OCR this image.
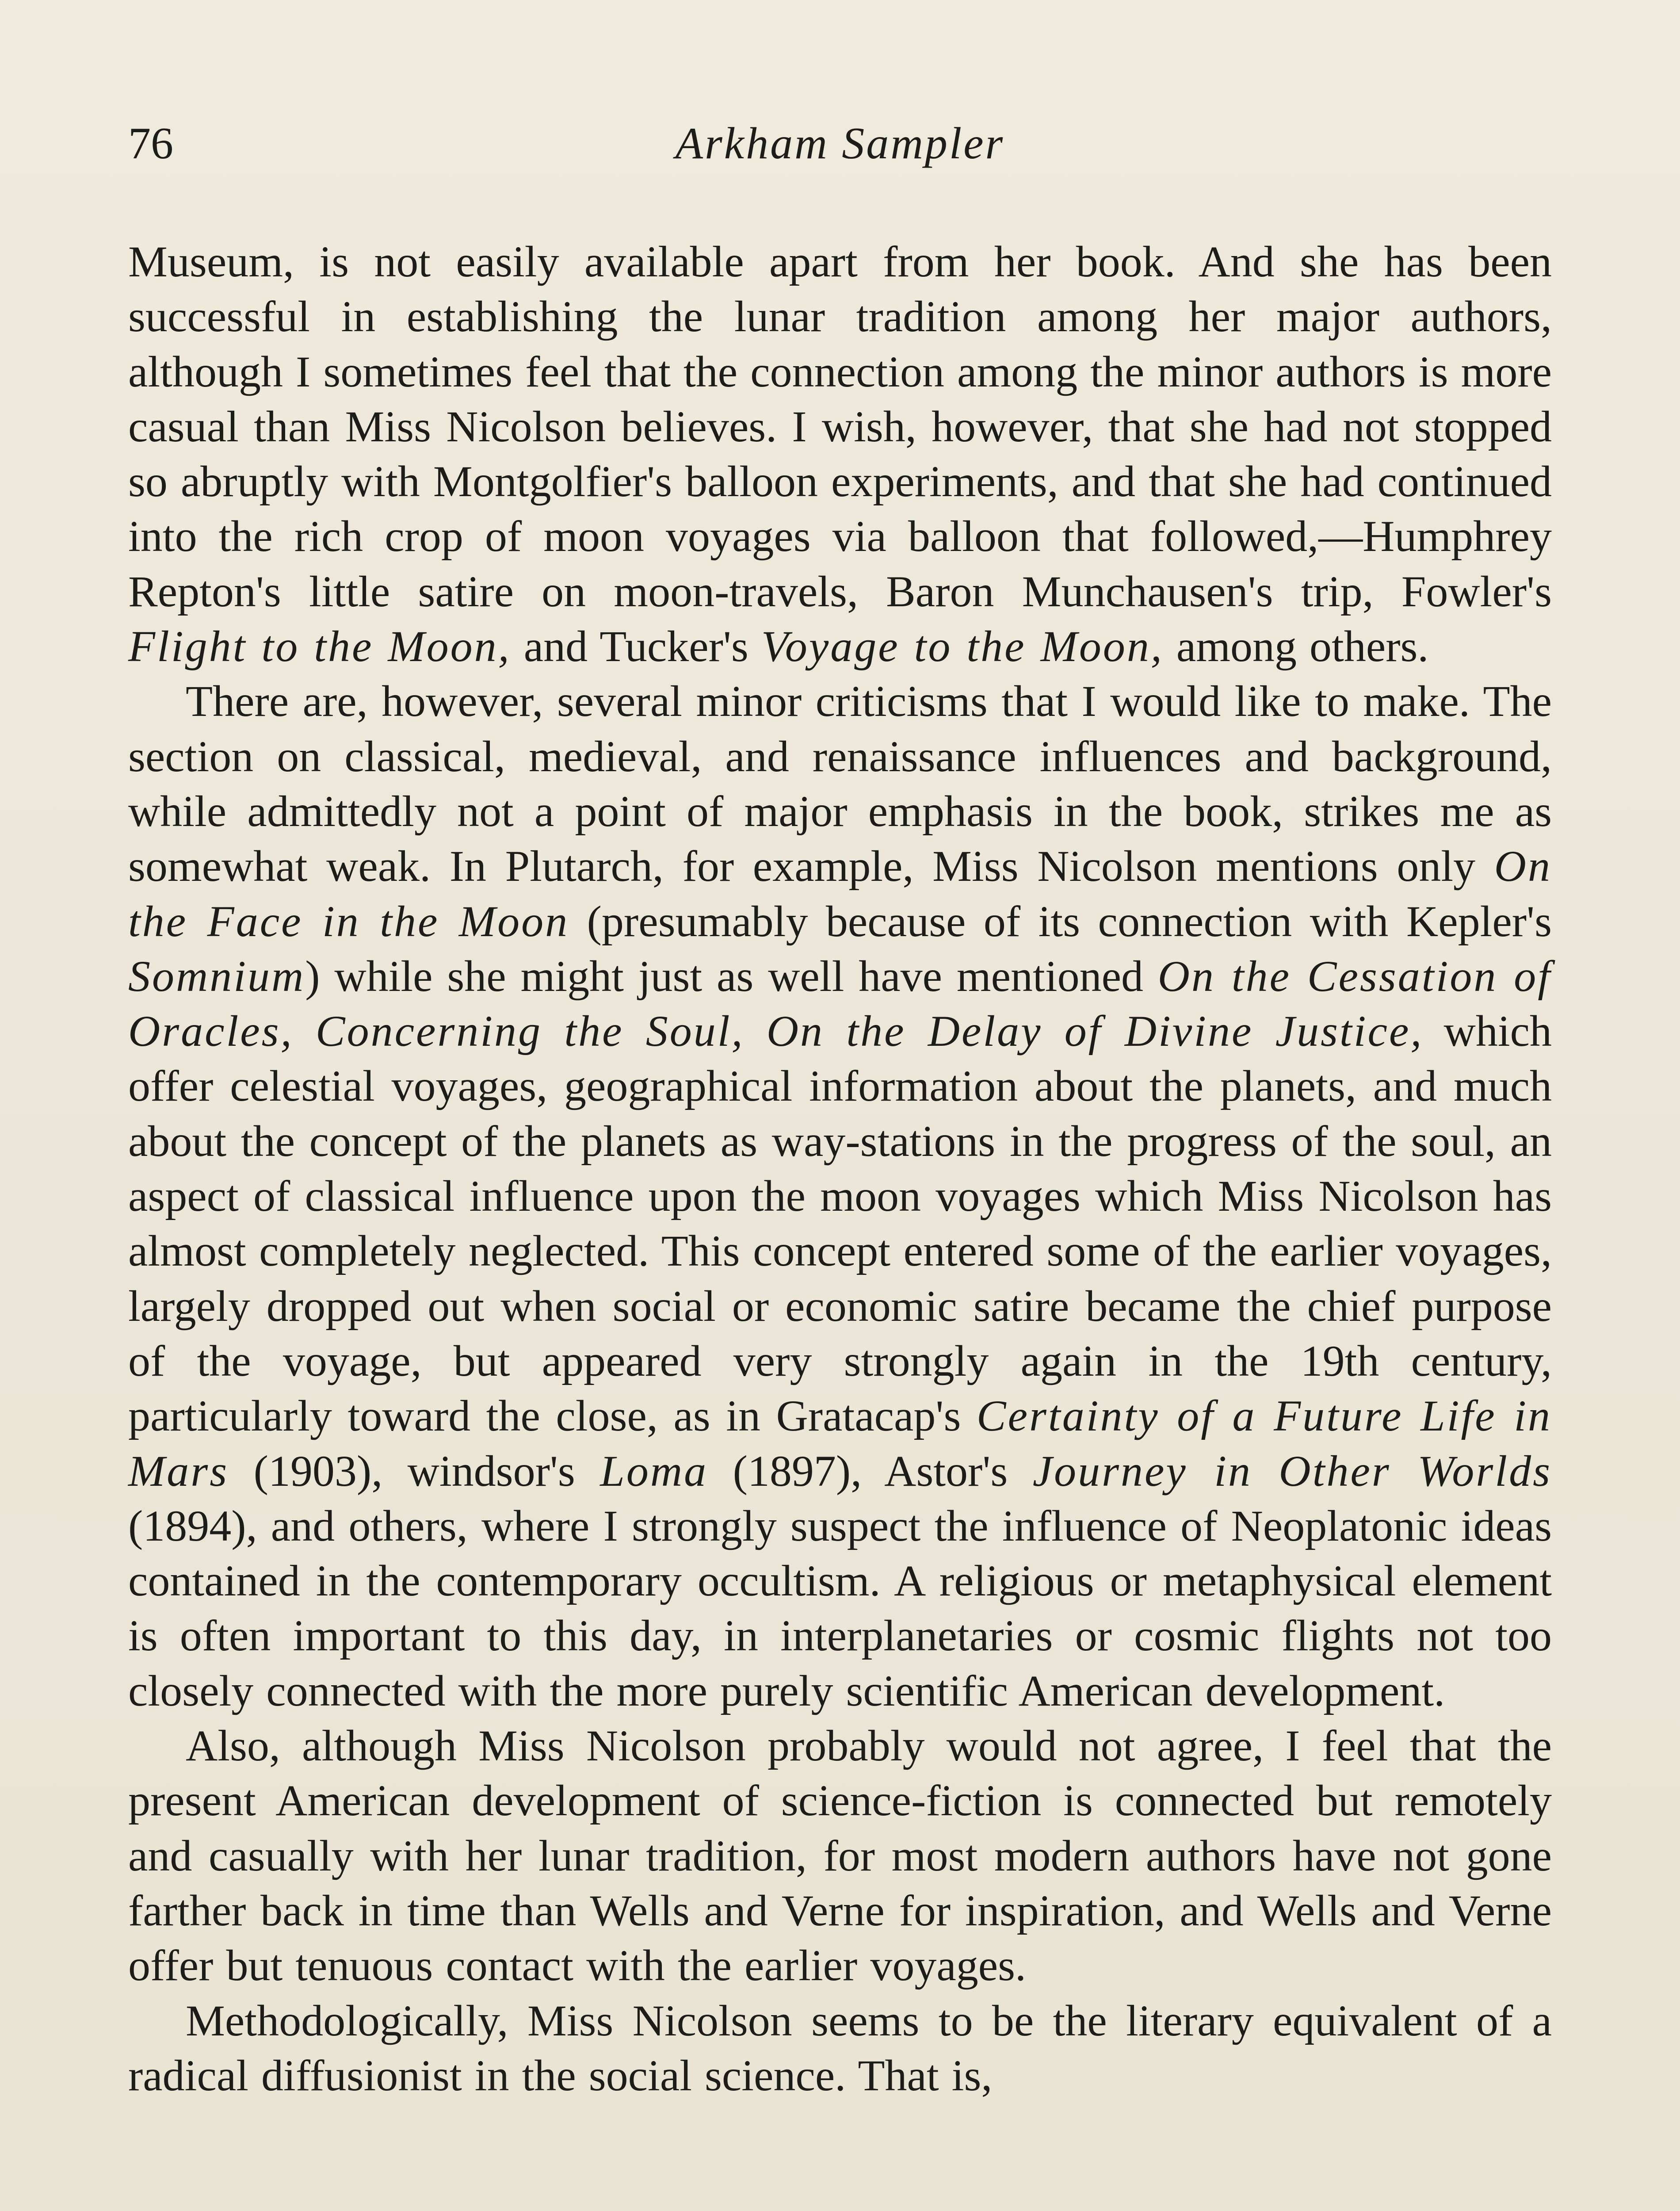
76	Arkham Sampler

Museum, is not easily available apart from her book. And she has been successful in establishing the lunar tradition among her major authors, although I sometimes feel that the connection among the minor authors is more casual than Miss Nicolson believes. I wish, however, that she had not stopped so abruptly with Montgolfier's balloon experiments, and that she had continued into the rich crop of moon voyages via balloon that followed,—Humphrey Repton's little satire on moon-travels, Baron Munchausen's trip, Fowler's Flight to the Moon, and Tucker's Voyage to the Moon, among others.

There are, however, several minor criticisms that I would like to make. The section on classical, medieval, and renaissance influences and background, while admittedly not a point of major emphasis in the book, strikes me as somewhat weak. In Plutarch, for example, Miss Nicolson mentions only On the Face in the Moon (presumably because of its connection with Kepler's Somnium) while she might just as well have mentioned On the Cessation of Oracles, Concerning the Soul, On the Delay of Divine Justice, which offer celestial voyages, geographical information about the planets, and much about the concept of the planets as way-stations in the progress of the soul, an aspect of classical influence upon the moon voyages which Miss Nicolson has almost completely neglected. This concept entered some of the earlier voyages, largely dropped out when social or economic satire became the chief purpose of the voyage, but appeared very strongly again in the 19th century, particularly toward the close, as in Gratacap's Certainty of a Future Life in Mars (1903), windsor's Loma (1897), Astor's Journey in Other Worlds (1894), and others, where I strongly suspect the influence of Neoplatonic ideas contained in the contemporary occultism. A religious or metaphysical element is often important to this day, in interplanetaries or cosmic flights not too closely connected with the more purely scientific American development.

Also, although Miss Nicolson probably would not agree, I feel that the present American development of science-fiction is connected but remotely and casually with her lunar tradition, for most modern authors have not gone farther back in time than Wells and Verne for inspiration, and Wells and Verne offer but tenuous contact with the earlier voyages.

Methodologically, Miss Nicolson seems to be the literary equivalent of a radical diffusionist in the social science. That is,
